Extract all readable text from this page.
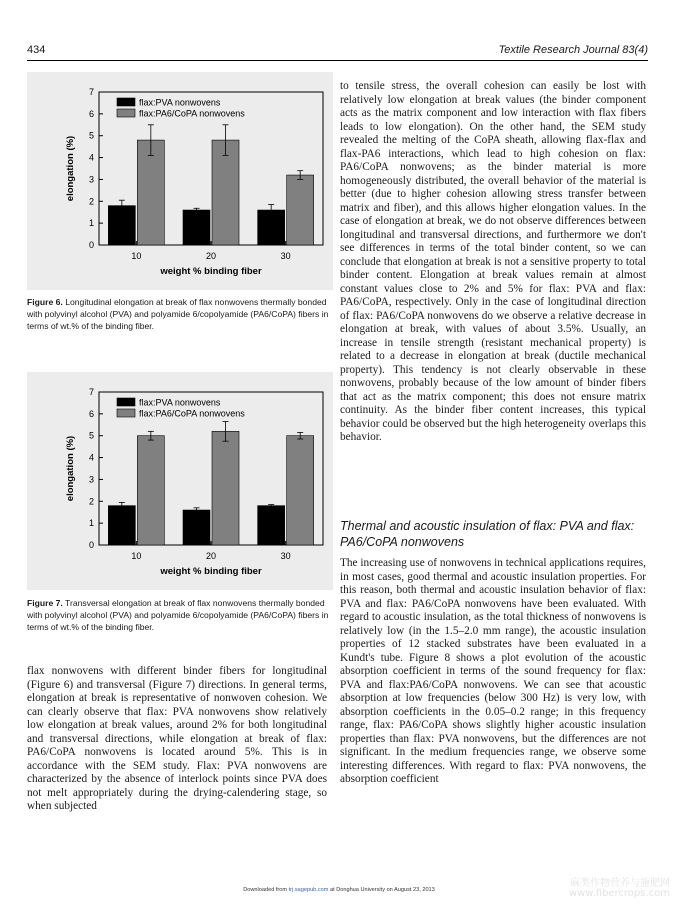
434	Textile Research Journal 83(4)
0
1
2
3
4
5
6
7
10	20	30
weight % binding fiber
elongation (%)
flax:PVA nonwovens
flax:PA6/CoPA nonwovens
Figure 6. Longitudinal elongation at break of flax nonwovens thermally bonded with polyvinyl alcohol (PVA) and polyamide 6/copolyamide (PA6/CoPA) fibers in terms of wt.% of the binding fiber.
0
1
2
3
4
5
6
7
10	20	30
weight % binding fiber
elongation (%)
flax:PVA nonwovens
flax:PA6/CoPA nonwovens
Figure 7. Transversal elongation at break of flax nonwovens thermally bonded with polyvinyl alcohol (PVA) and polyamide 6/copolyamide (PA6/CoPA) fibers in terms of wt.% of the binding fiber.

flax nonwovens with different binder fibers for longitudinal (Figure 6) and transversal (Figure 7) directions. In general terms, elongation at break is representative of nonwoven cohesion. We can clearly observe that flax: PVA nonwovens show relatively low elongation at break values, around 2% for both longitudinal and transversal directions, while elongation at break of flax: PA6/CoPA nonwovens is located around 5%. This is in accordance with the SEM study. Flax: PVA nonwovens are characterized by the absence of interlock points since PVA does not melt appropriately during the drying-calendering stage, so when subjected

to tensile stress, the overall cohesion can easily be lost with relatively low elongation at break values (the binder component acts as the matrix component and low interaction with flax fibers leads to low elongation). On the other hand, the SEM study revealed the melting of the CoPA sheath, allowing flax-flax and flax-PA6 interactions, which lead to high cohesion on flax: PA6/CoPA nonwovens; as the binder material is more homogeneously distributed, the overall behavior of the material is better (due to higher cohesion allowing stress transfer between matrix and fiber), and this allows higher elongation values. In the case of elongation at break, we do not observe differences between longitudinal and transversal directions, and furthermore we don't see differences in terms of the total binder content, so we can conclude that elongation at break is not a sensitive property to total binder content. Elongation at break values remain at almost constant values close to 2% and 5% for flax: PVA and flax: PA6/CoPA, respectively. Only in the case of longitudinal direction of flax: PA6/CoPA nonwovens do we observe a relative decrease in elongation at break, with values of about 3.5%. Usually, an increase in tensile strength (resistant mechanical property) is related to a decrease in elongation at break (ductile mechanical property). This tendency is not clearly observable in these nonwovens, probably because of the low amount of binder fibers that act as the matrix component; this does not ensure matrix continuity. As the binder fiber content increases, this typical behavior could be observed but the high heterogeneity overlaps this behavior.

Thermal and acoustic insulation of flax: PVA and flax: PA6/CoPA nonwovens

The increasing use of nonwovens in technical applications requires, in most cases, good thermal and acoustic insulation properties. For this reason, both thermal and acoustic insulation behavior of flax: PVA and flax: PA6/CoPA nonwovens have been evaluated. With regard to acoustic insulation, as the total thickness of nonwovens is relatively low (in the 1.5–2.0 mm range), the acoustic insulation properties of 12 stacked substrates have been evaluated in a Kundt's tube. Figure 8 shows a plot evolution of the acoustic absorption coefficient in terms of the sound frequency for flax: PVA and flax:PA6/CoPA nonwovens. We can see that acoustic absorption at low frequencies (below 300 Hz) is very low, with absorption coefficients in the 0.05–0.2 range; in this frequency range, flax: PA6/CoPA shows slightly higher acoustic insulation properties than flax: PVA nonwovens, but the differences are not significant. In the medium frequencies range, we observe some interesting differences. With regard to flax: PVA nonwovens, the absorption coefficient

Downloaded from trj.sagepub.com at Donghua University on August 23, 2013
麻类作物营养与施肥网
www.fibercrops.com
